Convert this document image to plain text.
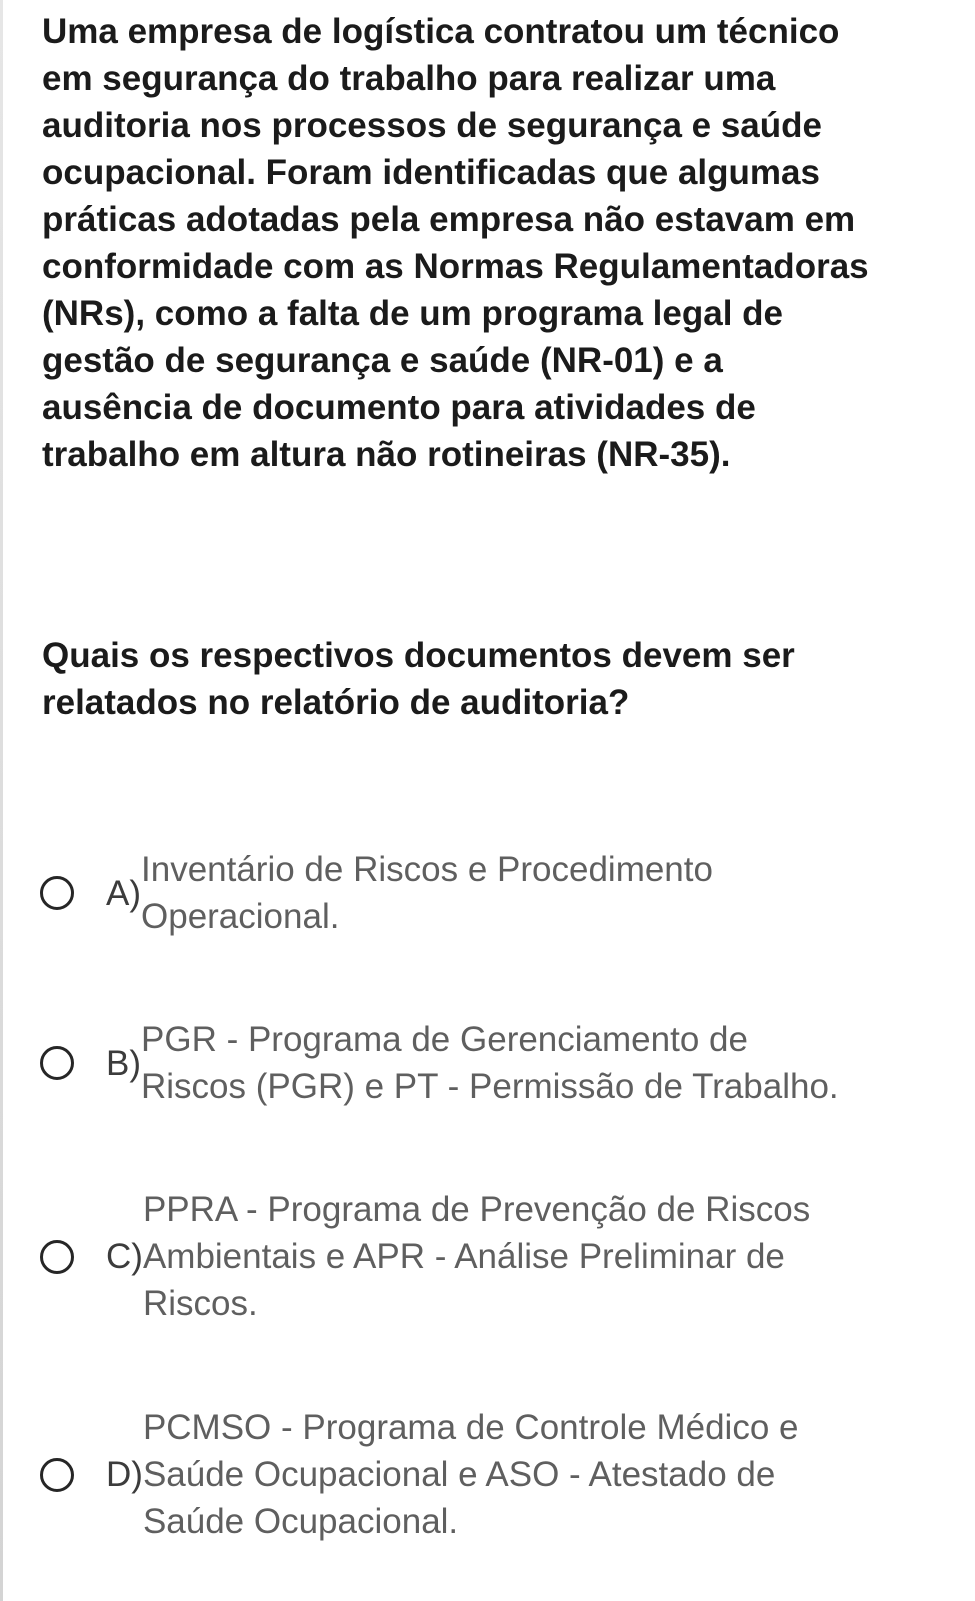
Uma empresa de logística contratou um técnico
em segurança do trabalho para realizar uma
auditoria nos processos de segurança e saúde
ocupacional. Foram identificadas que algumas
práticas adotadas pela empresa não estavam em
conformidade com as Normas Regulamentadoras
(NRs), como a falta de um programa legal de
gestão de segurança e saúde (NR-01) e a
ausência de documento para atividades de
trabalho em altura não rotineiras (NR-35).

Quais os respectivos documentos devem ser
relatados no relatório de auditoria?

A)
Inventário de Riscos e Procedimento
Operacional.
B)
PGR - Programa de Gerenciamento de
Riscos (PGR) e PT - Permissão de Trabalho.
C)
PPRA - Programa de Prevenção de Riscos
Ambientais e APR - Análise Preliminar de
Riscos.
D)
PCMSO - Programa de Controle Médico e
Saúde Ocupacional e ASO - Atestado de
Saúde Ocupacional.
